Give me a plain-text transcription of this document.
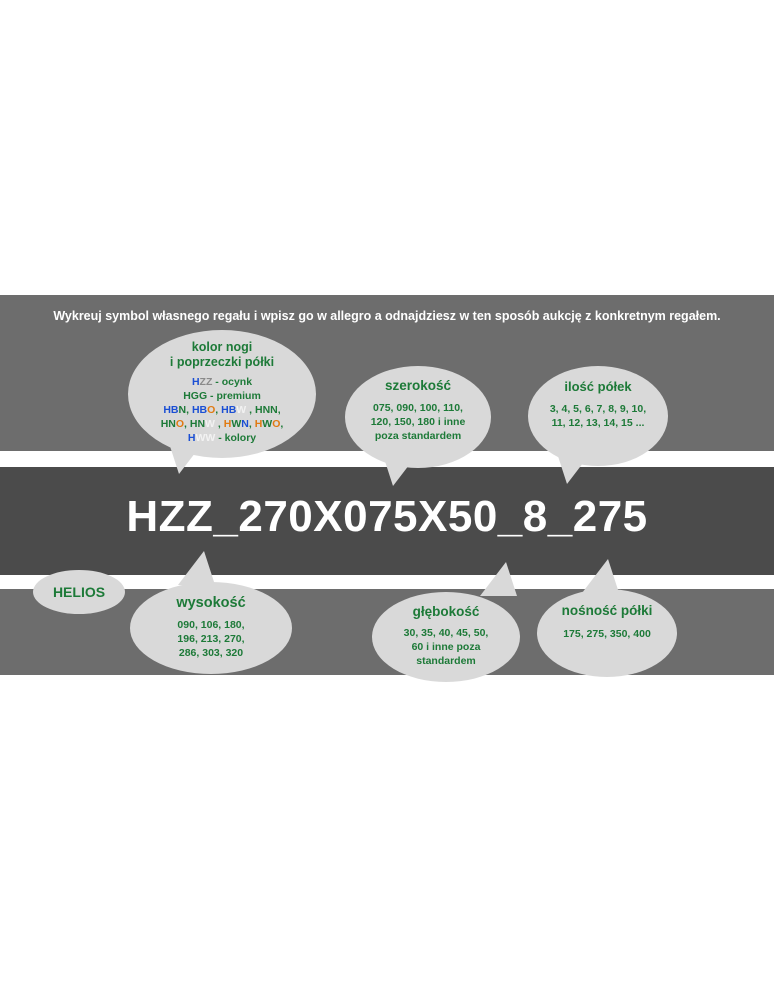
Wykreuj symbol własnego regału i wpisz go w allegro a odnajdziesz w ten sposób aukcję z konkretnym regałem.
HZZ_270X075X50_8_275
kolor nogi
i poprzeczki półki
HZZ - ocynk
HGG - premium
HBN, HBO, HBW , HNN,
HNO, HNW , HWN, HWO,
HWW - kolory
szerokość
075, 090, 100, 110,
120, 150, 180 i inne
poza standardem
ilość półek
3, 4, 5, 6, 7, 8, 9, 10,
11, 12, 13, 14, 15 ...
HELIOS
wysokość
090, 106, 180,
196, 213, 270,
286, 303, 320
głębokość
30, 35, 40, 45, 50,
60 i inne poza
standardem
nośność półki
175, 275, 350, 400
